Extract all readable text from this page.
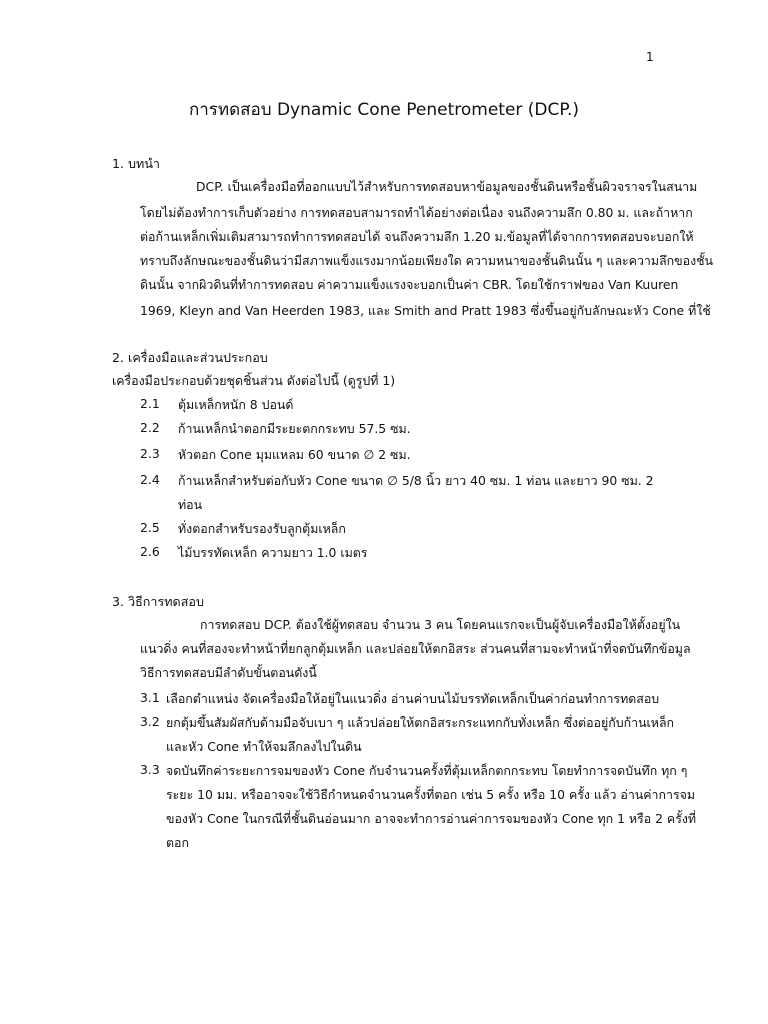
1
การทดสอบ Dynamic Cone Penetrometer (DCP.)
1. บทนำ
DCP. เป็นเครื่องมือที่ออกแบบไว้สำหรับการทดสอบหาข้อมูลของชั้นดินหรือชั้นผิวจราจรในสนาม
โดยไม่ต้องทำการเก็บตัวอย่าง การทดสอบสามารถทำได้อย่างต่อเนื่อง จนถึงความลึก 0.80 ม. และถ้าหาก
ต่อก้านเหล็กเพิ่มเติมสามารถทำการทดสอบได้ จนถึงความลึก 1.20 ม.ข้อมูลที่ได้จากการทดสอบจะบอกให้
ทราบถึงลักษณะของชั้นดินว่ามีสภาพแข็งแรงมากน้อยเพียงใด ความหนาของชั้นดินนั้น ๆ และความลึกของชั้น
ดินนั้น จากผิวดินที่ทำการทดสอบ ค่าความแข็งแรงจะบอกเป็นค่า CBR. โดยใช้กราฟของ Van Kuuren
1969, Kleyn and Van Heerden 1983, และ Smith and Pratt 1983 ซึ่งขึ้นอยู่กับลักษณะหัว Cone ที่ใช้
2. เครื่องมือและส่วนประกอบ
เครื่องมือประกอบด้วยชุดชิ้นส่วน ดังต่อไปนี้ (ดูรูปที่ 1)
2.1 ตุ้มเหล็กหนัก 8 ปอนด์
2.2 ก้านเหล็กนำตอกมีระยะตกกระทบ 57.5 ซม.
2.3 หัวตอก Cone มุมแหลม 60 ขนาด ∅ 2 ซม.
2.4 ก้านเหล็กสำหรับต่อกับหัว Cone ขนาด ∅ 5/8 นิ้ว ยาว 40 ซม. 1 ท่อน และยาว 90 ซม. 2
ท่อน
2.5 ทั่งตอกสำหรับรองรับลูกตุ้มเหล็ก
2.6 ไม้บรรทัดเหล็ก ความยาว 1.0 เมตร
3. วิธีการทดสอบ
การทดสอบ DCP. ต้องใช้ผู้ทดสอบ จำนวน 3 คน โดยคนแรกจะเป็นผู้จับเครื่องมือให้ตั้งอยู่ใน
แนวดิ่ง คนที่สองจะทำหน้าที่ยกลูกตุ้มเหล็ก และปล่อยให้ตกอิสระ ส่วนคนที่สามจะทำหน้าที่จดบันทึกข้อมูล
วิธีการทดสอบมีลำดับขั้นตอนดังนี้
3.1 เลือกตำแหน่ง จัดเครื่องมือให้อยู่ในแนวดิ่ง อ่านค่าบนไม้บรรทัดเหล็กเป็นค่าก่อนทำการทดสอบ
3.2 ยกตุ้มขึ้นสัมผัสกับด้ามมือจับเบา ๆ แล้วปล่อยให้ตกอิสระกระแทกกับทั่งเหล็ก ซึ่งต่ออยู่กับก้านเหล็ก
และหัว Cone ทำให้จมลึกลงไปในดิน
3.3 จดบันทึกค่าระยะการจมของหัว Cone กับจำนวนครั้งที่ตุ้มเหล็กตกกระทบ โดยทำการจดบันทึก ทุก ๆ
ระยะ 10 มม. หรืออาจจะใช้วิธีกำหนดจำนวนครั้งที่ตอก เช่น 5 ครั้ง หรือ 10 ครั้ง แล้ว อ่านค่าการจม
ของหัว Cone ในกรณีที่ชั้นดินอ่อนมาก อาจจะทำการอ่านค่าการจมของหัว Cone ทุก 1 หรือ 2 ครั้งที่
ตอก
